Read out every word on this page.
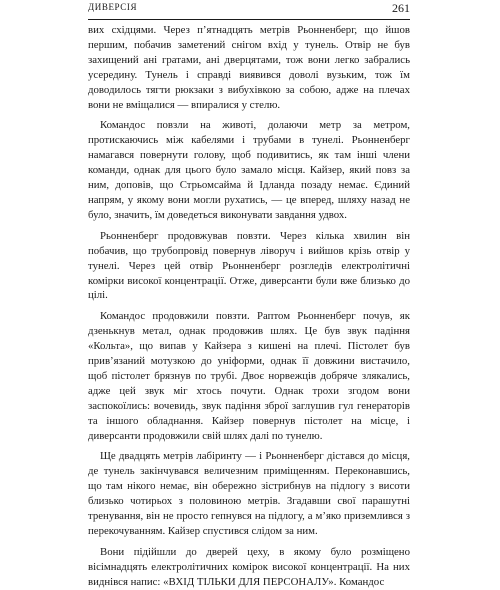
ДИВЕРСІЯ	261

вих східцями. Через п’ятнадцять метрів Рьонненберг, що йшов першим, побачив заметений снігом вхід у тунель. Отвір не був захищений ані гратами, ані дверцятами, тож вони легко забрались усередину. Тунель і справді виявився доволі вузьким, тож їм доводилось тягти рюкзаки з вибухівкою за собою, адже на плечах вони не вміщалися — впиралися у стелю.

Командос повзли на животі, долаючи метр за метром, протискаючись між кабелями і трубами в тунелі. Рьонненберг намагався повернути голову, щоб подивитись, як там інші члени команди, однак для цього було замало місця. Кайзер, який повз за ним, доповів, що Стрьомсайма й Ідланда позаду немає. Єдиний напрям, у якому вони могли рухатись, — це вперед, шляху назад не було, значить, їм доведеться виконувати завдання удвох.

Рьонненберг продовжував повзти. Через кілька хвилин він побачив, що трубопровід повернув ліворуч і вийшов крізь отвір у тунелі. Через цей отвір Рьонненберг розгледів електролітичні комірки високої концентрації. Отже, диверсанти були вже близько до цілі.

Командос продовжили повзти. Раптом Рьонненберг почув, як дзенькнув метал, однак продовжив шлях. Це був звук падіння «Кольта», що випав у Кайзера з кишені на плечі. Пістолет був прив’язаний мотузкою до уніформи, однак її довжини вистачило, щоб пістолет брязнув по трубі. Двоє норвежців добряче злякались, адже цей звук міг хтось почути. Однак трохи згодом вони заспокоїлись: вочевидь, звук падіння зброї заглушив гул генераторів та іншого обладнання. Кайзер повернув пістолет на місце, і диверсанти продовжили свій шлях далі по тунелю.

Ще двадцять метрів лабіринту — і Рьонненберг дістався до місця, де тунель закінчувався величезним приміщенням. Переконавшись, що там нікого немає, він обережно зістрибнув на підлогу з висоти близько чотирьох з половиною метрів. Згадавши свої парашутні тренування, він не просто гепнувся на підлогу, а м’яко приземлився з перекочуванням. Кайзер спустився слідом за ним.

Вони підійшли до дверей цеху, в якому було розміщено вісімнадцять електролітичних комірок високої концентрації. На них виднівся напис: «ВХІД ТІЛЬКИ ДЛЯ ПЕРСОНАЛУ». Командос
